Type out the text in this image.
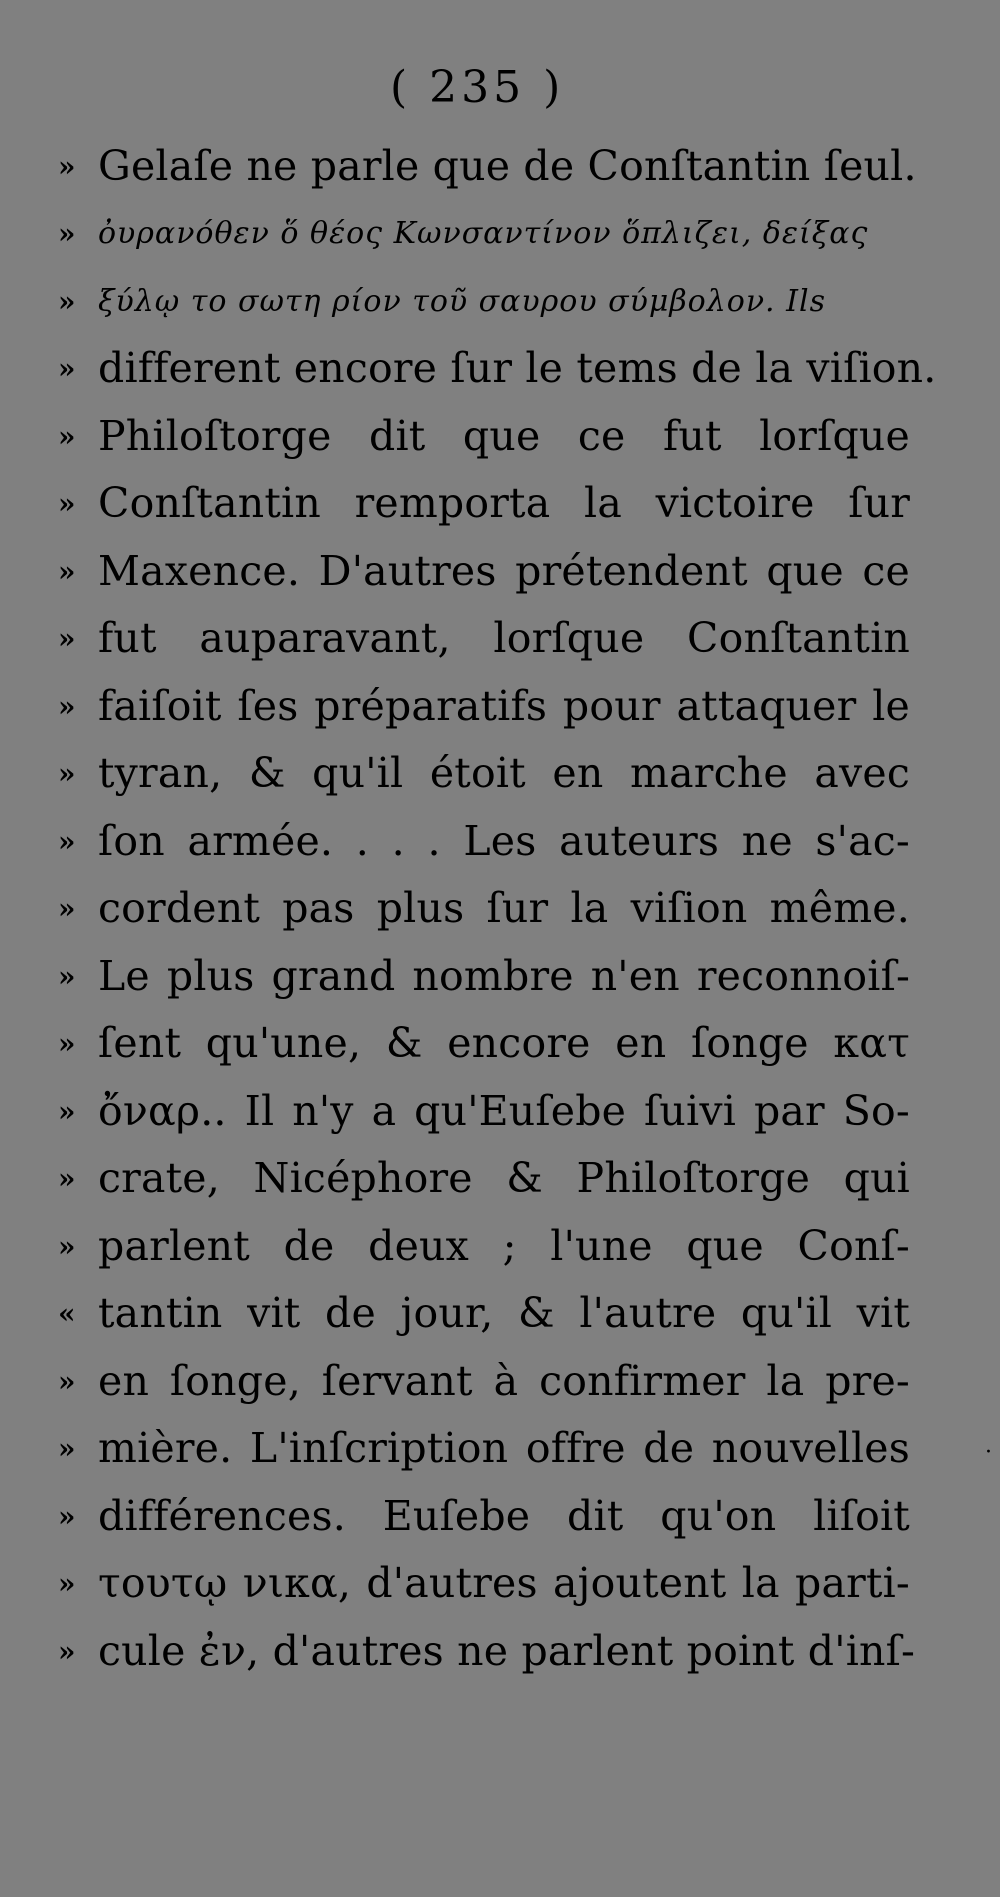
( 235 )
» Gelaſe ne parle que de Conſtantin ſeul.
» ὀυρανόθεν ὅ θέος Κωνσαντίνον ὅπλιζει, δείξας
» ξύλῳ το σωτη ρίον τοῦ σαυρου σύμβολον. Ils
» different encore ſur le tems de la viſion.
» Philoſtorge dit que ce fut lorſque
» Conſtantin remporta la victoire ſur
» Maxence. D'autres prétendent que ce
» fut auparavant, lorſque Conſtantin
» faiſoit ſes préparatifs pour attaquer le
» tyran, & qu'il étoit en marche avec
» ſon armée. . . . Les auteurs ne s'ac-
» cordent pas plus ſur la viſion même.
» Le plus grand nombre n'en reconnoiſ-
» ſent qu'une, & encore en ſonge κατ
» ὄναρ.. Il n'y a qu'Euſebe ſuivi par So-
» crate, Nicéphore & Philoſtorge qui
» parlent de deux ; l'une que Conſ-
« tantin vit de jour, & l'autre qu'il vit
» en ſonge, ſervant à confirmer la pre-
» mière. L'inſcription offre de nouvelles
» différences. Euſebe dit qu'on liſoit
» τουτῳ νικα, d'autres ajoutent la parti-
» cule ἐν, d'autres ne parlent point d'inſ-
·
